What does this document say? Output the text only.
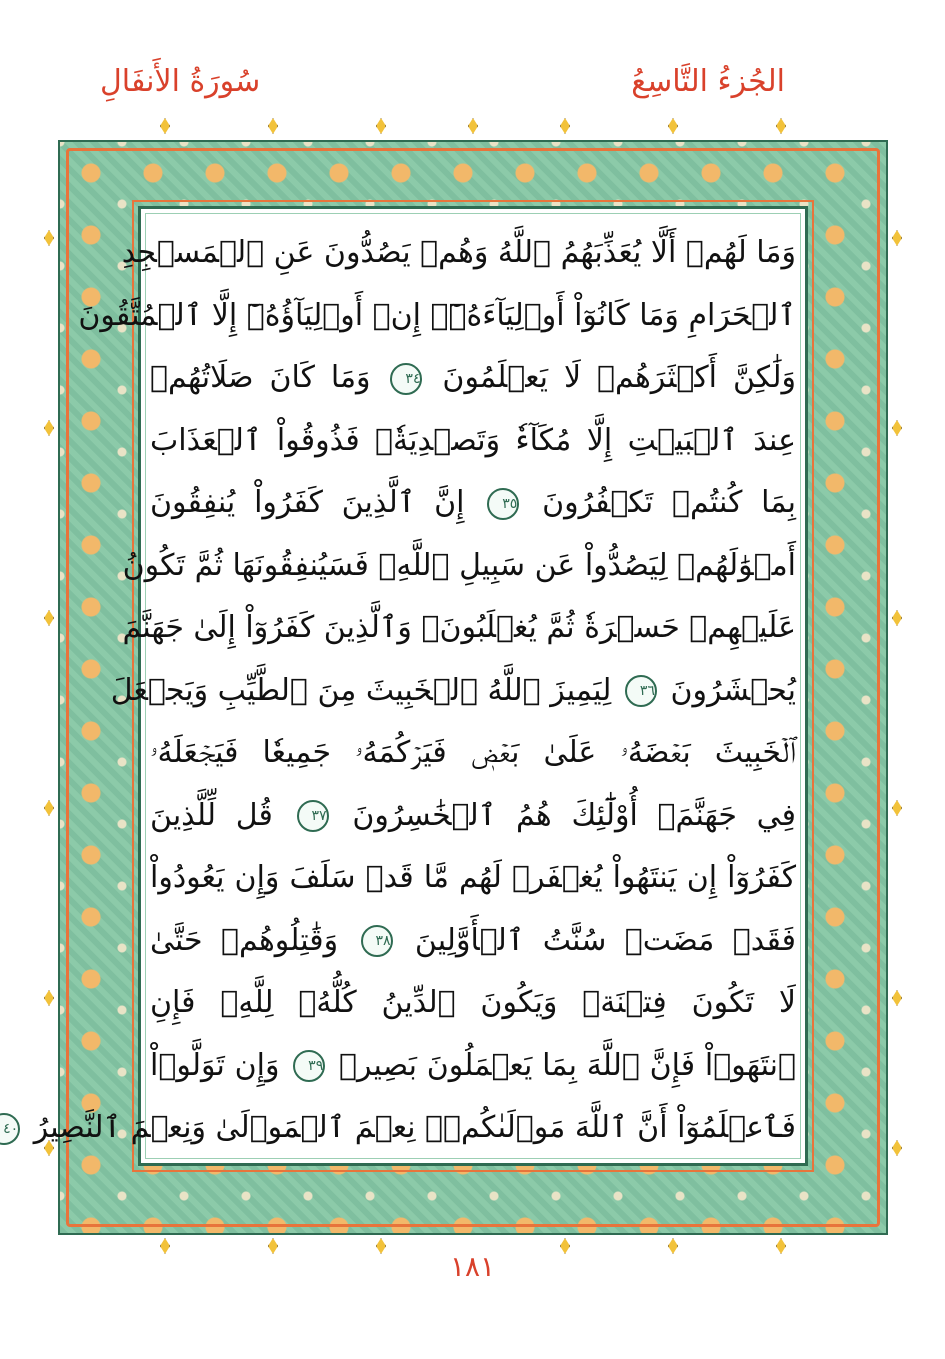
الجُزءُ التَّاسِعُ
سُورَةُ الأَنفَالِ
وَمَا لَهُمۡ أَلَّا يُعَذِّبَهُمُ ٱللَّهُ وَهُمۡ يَصُدُّونَ عَنِ ٱلۡمَسۡجِدِ
ٱلۡحَرَامِ وَمَا كَانُوٓاْ أَوۡلِيَآءَهُۥٓۚ إِنۡ أَوۡلِيَآؤُهُۥٓ إِلَّا ٱلۡمُتَّقُونَ
وَلَٰكِنَّ أَكۡثَرَهُمۡ لَا يَعۡلَمُونَ ٣٤ وَمَا كَانَ صَلَاتُهُمۡ
عِندَ ٱلۡبَيۡتِ إِلَّا مُكَآءٗ وَتَصۡدِيَةٗۚ فَذُوقُواْ ٱلۡعَذَابَ
بِمَا كُنتُمۡ تَكۡفُرُونَ ٣٥ إِنَّ ٱلَّذِينَ كَفَرُواْ يُنفِقُونَ
أَمۡوَٰلَهُمۡ لِيَصُدُّواْ عَن سَبِيلِ ٱللَّهِۚ فَسَيُنفِقُونَهَا ثُمَّ تَكُونُ
عَلَيۡهِمۡ حَسۡرَةٗ ثُمَّ يُغۡلَبُونَۗ وَٱلَّذِينَ كَفَرُوٓاْ إِلَىٰ جَهَنَّمَ
يُحۡشَرُونَ ٣٦ لِيَمِيزَ ٱللَّهُ ٱلۡخَبِيثَ مِنَ ٱلطَّيِّبِ وَيَجۡعَلَ
ٱلۡخَبِيثَ بَعۡضَهُۥ عَلَىٰ بَعۡضٖ فَيَرۡكُمَهُۥ جَمِيعٗا فَيَجۡعَلَهُۥ
فِي جَهَنَّمَۚ أُوْلَٰٓئِكَ هُمُ ٱلۡخَٰسِرُونَ ٣٧ قُل لِّلَّذِينَ
كَفَرُوٓاْ إِن يَنتَهُواْ يُغۡفَرۡ لَهُم مَّا قَدۡ سَلَفَ وَإِن يَعُودُواْ
فَقَدۡ مَضَتۡ سُنَّتُ ٱلۡأَوَّلِينَ ٣٨ وَقَٰتِلُوهُمۡ حَتَّىٰ
لَا تَكُونَ فِتۡنَةٞ وَيَكُونَ ٱلدِّينُ كُلُّهُۥ لِلَّهِۚ فَإِنِ
ٱنتَهَوۡاْ فَإِنَّ ٱللَّهَ بِمَا يَعۡمَلُونَ بَصِيرٞ ٣٩ وَإِن تَوَلَّوۡاْ
فَٱعۡلَمُوٓاْ أَنَّ ٱللَّهَ مَوۡلَىٰكُمۡۚ نِعۡمَ ٱلۡمَوۡلَىٰ وَنِعۡمَ ٱلنَّصِيرُ ٤٠
١٨١
